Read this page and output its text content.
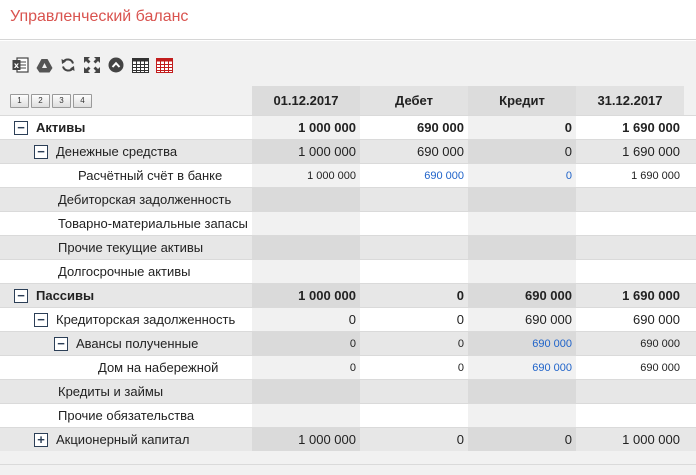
Управленческий баланс
x
1	2	3	4	01.12.2017	Дебет	Кредит	31.12.2017
− Активы	1 000 000	690 000	0	1 690 000
− Денежные средства	1 000 000	690 000	0	1 690 000
Расчётный счёт в банке	1 000 000	690 000	0	1 690 000
Дебиторская задолженность
Товарно-материальные запасы
Прочие текущие активы
Долгосрочные активы
− Пассивы	1 000 000	0	690 000	1 690 000
− Кредиторская задолженность	0	0	690 000	690 000
− Авансы полученные	0	0	690 000	690 000
Дом на набережной	0	0	690 000	690 000
Кредиты и займы
Прочие обязательства
+ Акционерный капитал	1 000 000	0	0	1 000 000
